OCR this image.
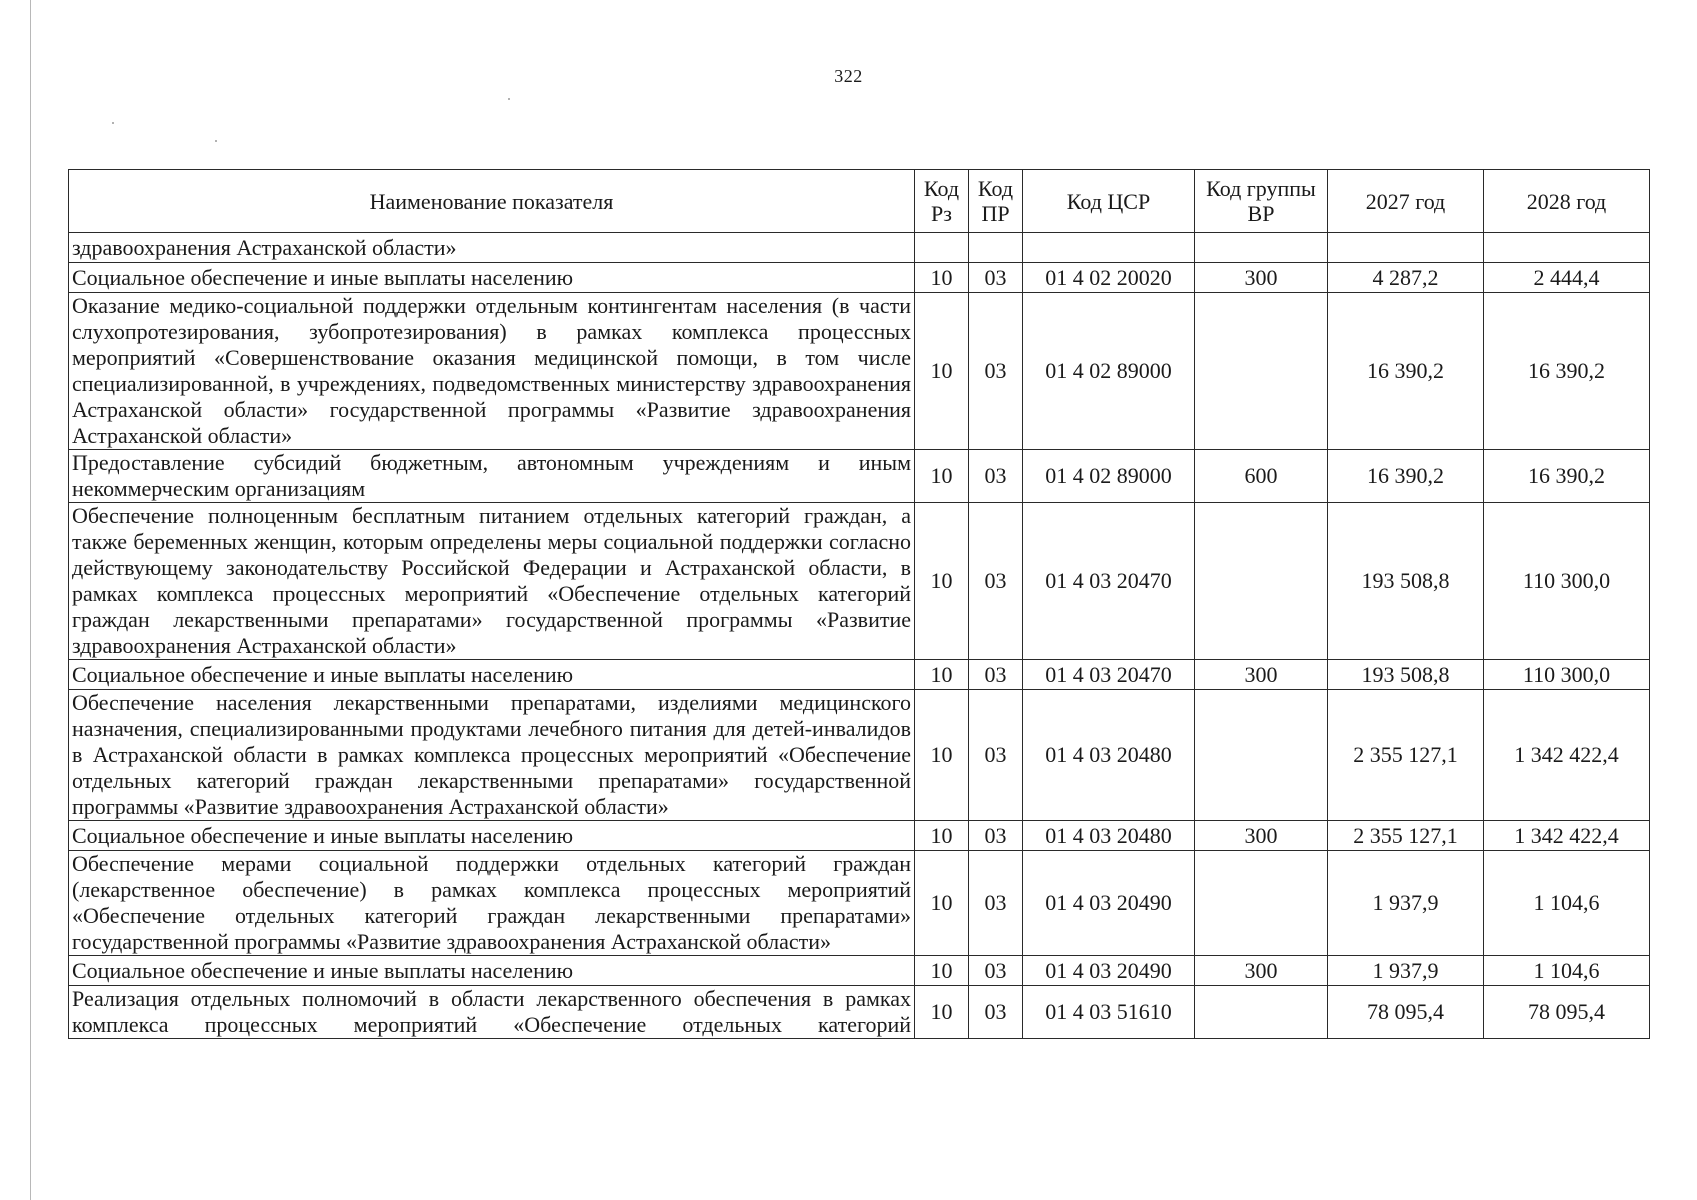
322
Наименование показателя	Код Рз	Код ПР	Код ЦСР	Код группы ВР	2027 год	2028 год
здравоохранения Астраханской области»						
Социальное обеспечение и иные выплаты населению	10	03	01 4 02 20020	300	4 287,2	2 444,4
Оказание медико-социальной поддержки отдельным контингентам населения (в части слухопротезирования, зубопротезирования) в рамках комплекса процессных мероприятий «Совершенствование оказания медицинской помощи, в том числе специализированной, в учреждениях, подведомственных министерству здравоохранения Астраханской области» государственной программы «Развитие здравоохранения Астраханской области»	10	03	01 4 02 89000		16 390,2	16 390,2
Предоставление субсидий бюджетным, автономным учреждениям и иным некоммерческим организациям	10	03	01 4 02 89000	600	16 390,2	16 390,2
Обеспечение полноценным бесплатным питанием отдельных категорий граждан, а также беременных женщин, которым определены меры социальной поддержки согласно действующему законодательству Российской Федерации и Астраханской области, в рамках комплекса процессных мероприятий «Обеспечение отдельных категорий граждан лекарственными препаратами» государственной программы «Развитие здравоохранения Астраханской области»	10	03	01 4 03 20470		193 508,8	110 300,0
Социальное обеспечение и иные выплаты населению	10	03	01 4 03 20470	300	193 508,8	110 300,0
Обеспечение населения лекарственными препаратами, изделиями медицинского назначения, специализированными продуктами лечебного питания для детей-инвалидов в Астраханской области в рамках комплекса процессных мероприятий «Обеспечение отдельных категорий граждан лекарственными препаратами» государственной программы «Развитие здравоохранения Астраханской области»	10	03	01 4 03 20480		2 355 127,1	1 342 422,4
Социальное обеспечение и иные выплаты населению	10	03	01 4 03 20480	300	2 355 127,1	1 342 422,4
Обеспечение мерами социальной поддержки отдельных категорий граждан (лекарственное обеспечение) в рамках комплекса процессных мероприятий «Обеспечение отдельных категорий граждан лекарственными препаратами» государственной программы «Развитие здравоохранения Астраханской области»	10	03	01 4 03 20490		1 937,9	1 104,6
Социальное обеспечение и иные выплаты населению	10	03	01 4 03 20490	300	1 937,9	1 104,6
Реализация отдельных полномочий в области лекарственного обеспечения в рамках комплекса процессных мероприятий «Обеспечение отдельных категорий	10	03	01 4 03 51610		78 095,4	78 095,4
